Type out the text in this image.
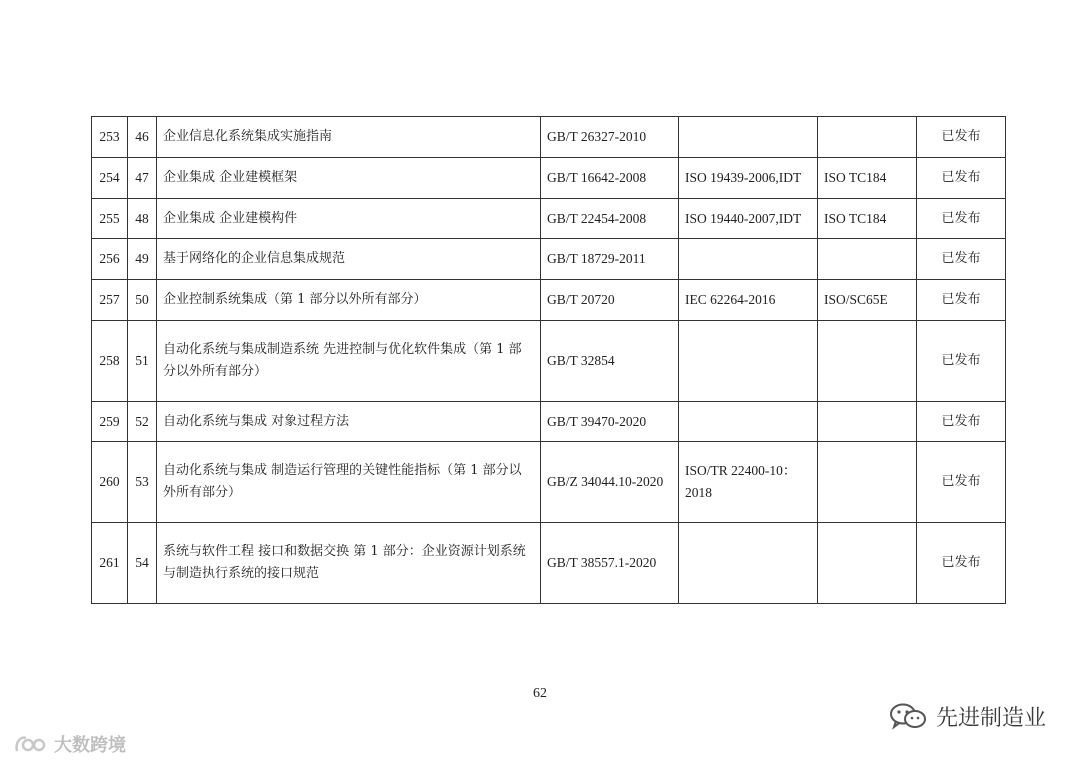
253	46	企业信息化系统集成实施指南	GB/T 26327-2010			已发布
254	47	企业集成 企业建模框架	GB/T 16642-2008	ISO 19439-2006,IDT	ISO TC184	已发布
255	48	企业集成 企业建模构件	GB/T 22454-2008	ISO 19440-2007,IDT	ISO TC184	已发布
256	49	基于网络化的企业信息集成规范	GB/T 18729-2011			已发布
257	50	企业控制系统集成（第 1 部分以外所有部分）	GB/T 20720	IEC 62264-2016	ISO/SC65E	已发布
258	51	自动化系统与集成制造系统 先进控制与优化软件集成（第 1 部分以外所有部分）	GB/T 32854			已发布
259	52	自动化系统与集成 对象过程方法	GB/T 39470-2020			已发布
260	53	自动化系统与集成 制造运行管理的关键性能指标（第 1 部分以外所有部分）	GB/Z 34044.10-2020	ISO/TR 22400-10：2018		已发布
261	54	系统与软件工程 接口和数据交换 第 1 部分：企业资源计划系统与制造执行系统的接口规范	GB/T 38557.1-2020			已发布
62
先进制造业
大数跨境
